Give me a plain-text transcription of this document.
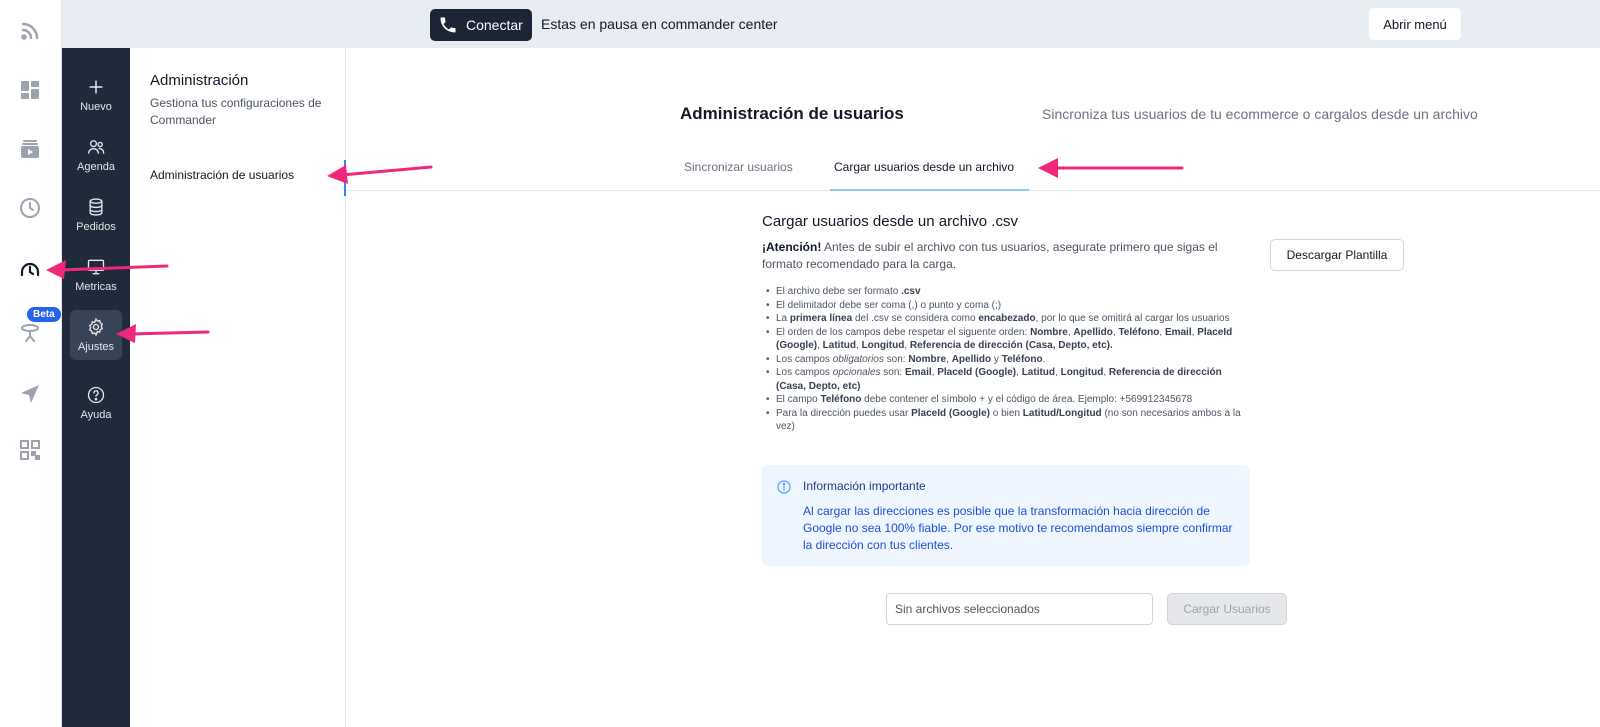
Beta
Conectar Estas en pausa en commander center	Abrir menú
Nuevo
Agenda
Pedidos
Metricas
Ajustes
Ayuda
Administración
Gestiona tus configuraciones de Commander
Administración de usuarios
Administración de usuarios	Sincroniza tus usuarios de tu ecommerce o cargalos desde un archivo
Sincronizar usuarios	Cargar usuarios desde un archivo
Cargar usuarios desde un archivo .csv
¡Atención! Antes de subir el archivo con tus usuarios, asegurate primero que sigas el formato recomendado para la carga.
Descargar Plantilla
• El archivo debe ser formato .csv
• El delimitador debe ser coma (,) o punto y coma (;)
• La primera línea del .csv se considera como encabezado, por lo que se omitirá al cargar los usuarios
• El orden de los campos debe respetar el siguente orden: Nombre, Apellido, Teléfono, Email, PlaceId (Google), Latitud, Longitud, Referencia de dirección (Casa, Depto, etc).
• Los campos obligatorios son: Nombre, Apellido y Teléfono.
• Los campos opcionales son: Email, PlaceId (Google), Latitud, Longitud, Referencia de dirección (Casa, Depto, etc)
• El campo Teléfono debe contener el símbolo + y el código de área. Ejemplo: +569912345678
• Para la dirección puedes usar PlaceId (Google) o bien Latitud/Longitud (no son necesarios ambos a la vez)
Información importante
Al cargar las direcciones es posible que la transformación hacia dirección de Google no sea 100% fiable. Por ese motivo te recomendamos siempre confirmar la dirección con tus clientes.
Sin archivos seleccionados	Cargar Usuarios
